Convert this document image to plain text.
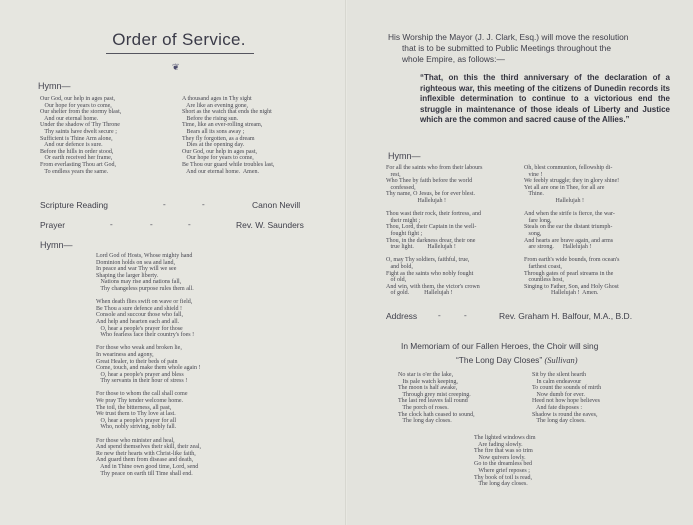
Order of Service.
❦
Hymn—
Our God, our help in ages past,
Our hope for years to come,
Our shelter from the stormy blast,
And our eternal home.
Under the shadow of Thy Throne
Thy saints have dwelt secure ;
Sufficient is Thine Arm alone,
And our defence is sure.
Before the hills in order stood,
Or earth received her frame,
From everlasting Thou art God,
To endless years the same.
A thousand ages in Thy sight
Are like an evening gone,
Short as the watch that ends the night
Before the rising sun.
Time, like an ever-rolling stream,
Bears all its sons away ;
They fly forgotten, as a dream
Dies at the opening day.
Our God, our help in ages past,
Our hope for years to come,
Be Thou our guard while troubles last,
And our eternal home.  Amen.
Scripture Reading	-	-	Canon Nevill
Prayer	-	-	-	Rev. W. Saunders
Hymn—
Lord God of Hosts, Whose mighty hand
Dominion holds on sea and land,
In peace and war Thy will we see
Shaping the larger liberty.
Nations may rise and nations fall,
Thy changeless purpose rules them all.

When death flies swift on wave or field,
Be Thou a sure defence and shield !
Console and succour those who fall,
And help and hearten each and all.
O, hear a people's prayer for those
Who fearless face their country's foes !

For those who weak and broken lie,
In weariness and agony,
Great Healer, to their beds of pain
Come, touch, and make them whole again !
O, hear a people's prayer and bless
Thy servants in their hour of stress !

For those to whom the call shall come
We pray Thy tender welcome home.
The toil, the bitterness, all past,
We trust them to Thy love at last.
O, hear a people's prayer for all
Who, nobly striving, nobly fall.

For those who minister and heal,
And spend themselves their skill, their zeal,
Re new their hearts with Christ-like faith,
And guard them from disease and death,
And in Thine own good time, Lord, send
Thy peace on earth till Time shall end.
His Worship the Mayor (J. J. Clark, Esq.) will move the resolution
that is to be submitted to Public Meetings throughout the
whole Empire, as follows:—
“That, on this the third anniversary of the declaration of a righteous war, this meeting of the citizens of Dunedin records its inflexible determination to continue to a victorious end the struggle in maintenance of those ideals of Liberty and Justice which are the common and sacred cause of the Allies.”
Hymn—
For all the saints who from their labours
rest,
Who Thee by faith before the world
confessed,
Thy name, O Jesus, be for ever blest.
Hallelujah !

Thou wast their rock, their fortress, and
their might ;
Thou, Lord, their Captain in the well-
fought fight ;
Thou, in the darkness drear, their one
true light.         Hallelujah !

O, may Thy soldiers, faithful, true,
and bold,
Fight as the saints who nobly fought
of old,
And win, with them, the victor's crown
of gold.          Hallelujah !
Oh, blest communion, fellowship di-
vine !
We feebly struggle; they in glory shine!
Yet all are one in Thee, for all are
Thine.
Hallelujah !

And when the strife is fierce, the war-
fare long,
Steals on the ear the distant triumph-
song,
And hearts are brave again, and arms
are strong.      Hallelujah !

From earth's wide bounds, from ocean's
farthest coast,
Through gates of pearl streams in the
countless host,
Singing to Father, Son, and Holy Ghost
Hallelujah !  Amen.
Address	-	-	Rev. Graham H. Balfour, M.A., B.D.
In Memoriam of our Fallen Heroes, the Choir will sing
“The Long Day Closes” (Sullivan)
No star is o'er the lake,
Its pale watch keeping,
The moon is half awake,
Through grey mist creeping.
The last red leaves fall round
The porch of roses.
The clock hath ceased to sound,
The long day closes.
Sit by the silent hearth
In calm endeavour
To count the sounds of mirth
Now dumb for ever.
Heed not how hope believes
And fate disposes :
Shadow is round the eaves,
The long day closes.
The lighted windows dim
Are fading slowly.
The fire that was so trim
Now quivers lowly.
Go to the dreamless bed
Where grief reposes ;
Thy book of toil is read,
The long day closes.
